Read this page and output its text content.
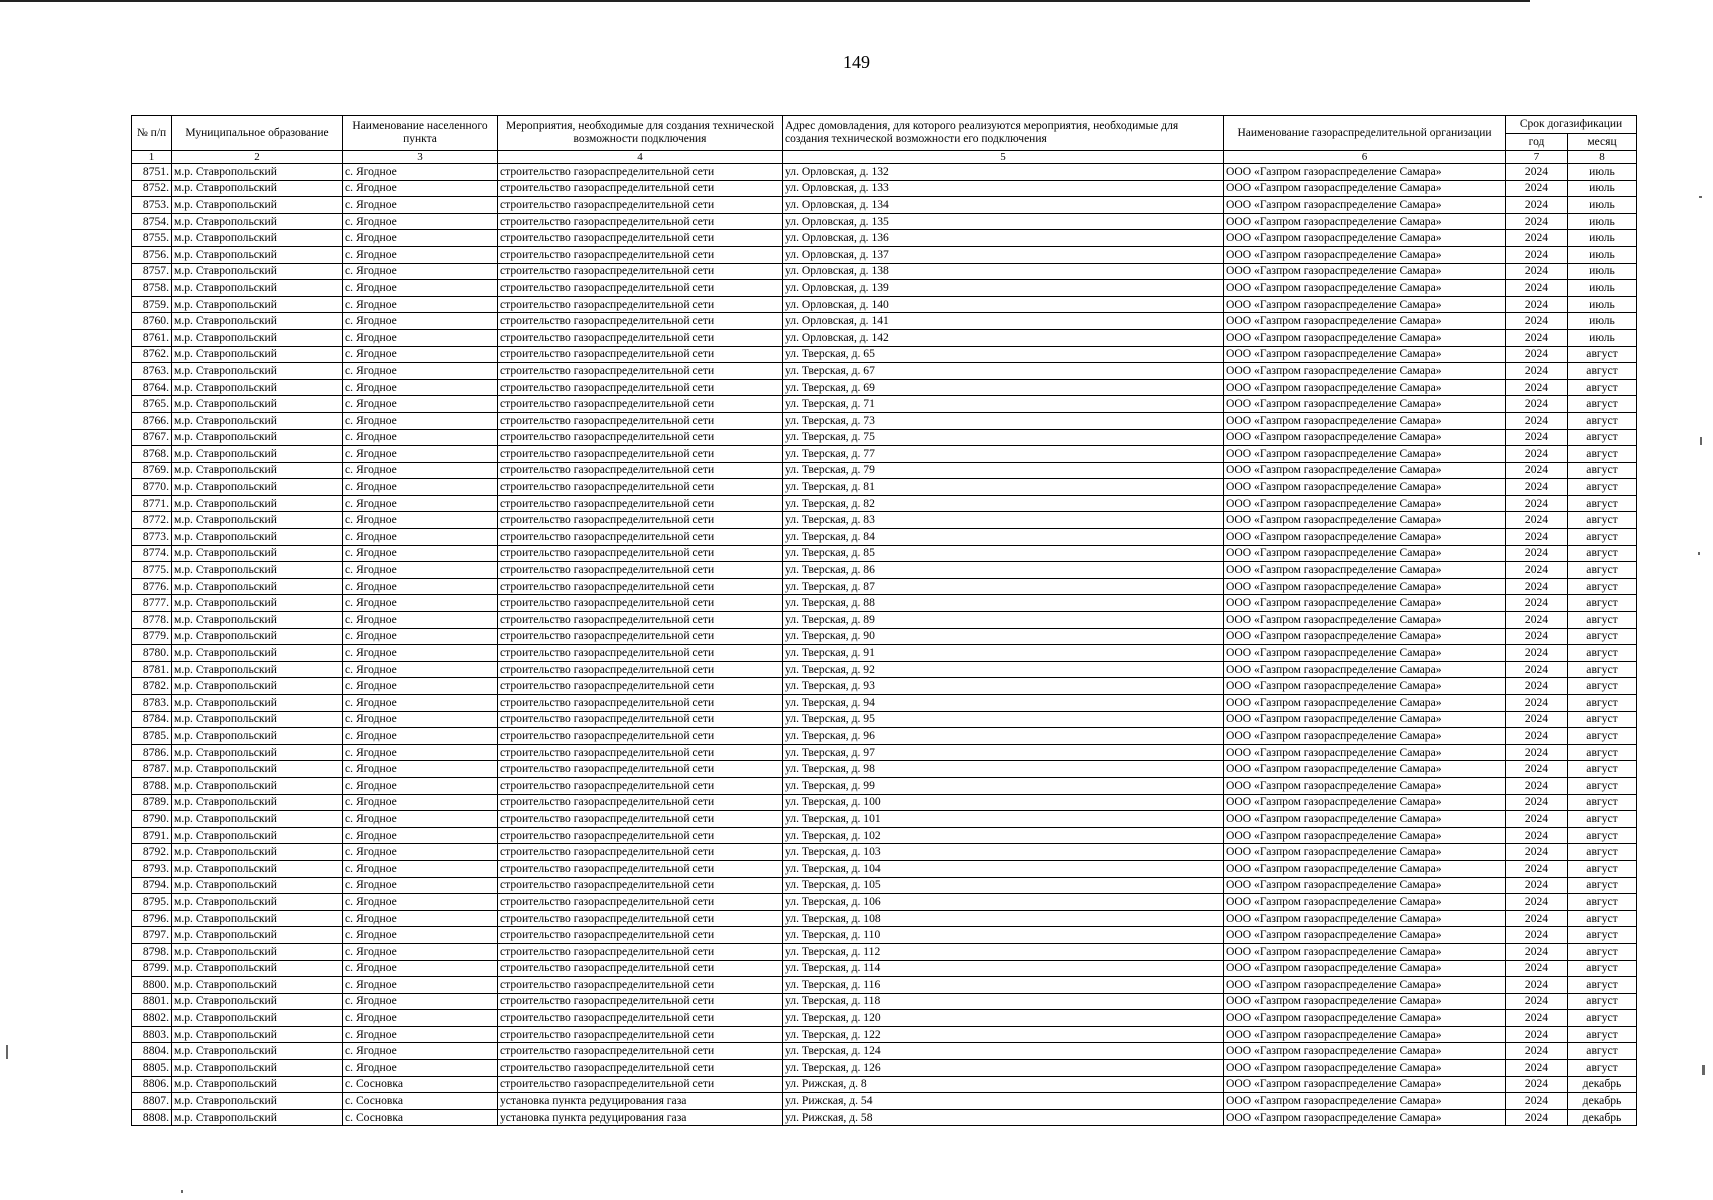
149
№ п/п	Муниципальное образование	Наименование населенного пункта	Мероприятия, необходимые для создания технической возможности подключения	Адрес домовладения, для которого реализуются мероприятия, необходимые для создания технической возможности его подключения	Наименование газораспределительной организации	Срок догазификации	
						год	месяц
1	2	3	4	5	6	7	8
8751.	м.р. Ставропольский	с. Ягодное	строительство газораспределительной сети	ул. Орловская, д. 132	ООО «Газпром газораспределение Самара»	2024	июль
8752.	м.р. Ставропольский	с. Ягодное	строительство газораспределительной сети	ул. Орловская, д. 133	ООО «Газпром газораспределение Самара»	2024	июль
8753.	м.р. Ставропольский	с. Ягодное	строительство газораспределительной сети	ул. Орловская, д. 134	ООО «Газпром газораспределение Самара»	2024	июль
8754.	м.р. Ставропольский	с. Ягодное	строительство газораспределительной сети	ул. Орловская, д. 135	ООО «Газпром газораспределение Самара»	2024	июль
8755.	м.р. Ставропольский	с. Ягодное	строительство газораспределительной сети	ул. Орловская, д. 136	ООО «Газпром газораспределение Самара»	2024	июль
8756.	м.р. Ставропольский	с. Ягодное	строительство газораспределительной сети	ул. Орловская, д. 137	ООО «Газпром газораспределение Самара»	2024	июль
8757.	м.р. Ставропольский	с. Ягодное	строительство газораспределительной сети	ул. Орловская, д. 138	ООО «Газпром газораспределение Самара»	2024	июль
8758.	м.р. Ставропольский	с. Ягодное	строительство газораспределительной сети	ул. Орловская, д. 139	ООО «Газпром газораспределение Самара»	2024	июль
8759.	м.р. Ставропольский	с. Ягодное	строительство газораспределительной сети	ул. Орловская, д. 140	ООО «Газпром газораспределение Самара»	2024	июль
8760.	м.р. Ставропольский	с. Ягодное	строительство газораспределительной сети	ул. Орловская, д. 141	ООО «Газпром газораспределение Самара»	2024	июль
8761.	м.р. Ставропольский	с. Ягодное	строительство газораспределительной сети	ул. Орловская, д. 142	ООО «Газпром газораспределение Самара»	2024	июль
8762.	м.р. Ставропольский	с. Ягодное	строительство газораспределительной сети	ул. Тверская, д. 65	ООО «Газпром газораспределение Самара»	2024	август
8763.	м.р. Ставропольский	с. Ягодное	строительство газораспределительной сети	ул. Тверская, д. 67	ООО «Газпром газораспределение Самара»	2024	август
8764.	м.р. Ставропольский	с. Ягодное	строительство газораспределительной сети	ул. Тверская, д. 69	ООО «Газпром газораспределение Самара»	2024	август
8765.	м.р. Ставропольский	с. Ягодное	строительство газораспределительной сети	ул. Тверская, д. 71	ООО «Газпром газораспределение Самара»	2024	август
8766.	м.р. Ставропольский	с. Ягодное	строительство газораспределительной сети	ул. Тверская, д. 73	ООО «Газпром газораспределение Самара»	2024	август
8767.	м.р. Ставропольский	с. Ягодное	строительство газораспределительной сети	ул. Тверская, д. 75	ООО «Газпром газораспределение Самара»	2024	август
8768.	м.р. Ставропольский	с. Ягодное	строительство газораспределительной сети	ул. Тверская, д. 77	ООО «Газпром газораспределение Самара»	2024	август
8769.	м.р. Ставропольский	с. Ягодное	строительство газораспределительной сети	ул. Тверская, д. 79	ООО «Газпром газораспределение Самара»	2024	август
8770.	м.р. Ставропольский	с. Ягодное	строительство газораспределительной сети	ул. Тверская, д. 81	ООО «Газпром газораспределение Самара»	2024	август
8771.	м.р. Ставропольский	с. Ягодное	строительство газораспределительной сети	ул. Тверская, д. 82	ООО «Газпром газораспределение Самара»	2024	август
8772.	м.р. Ставропольский	с. Ягодное	строительство газораспределительной сети	ул. Тверская, д. 83	ООО «Газпром газораспределение Самара»	2024	август
8773.	м.р. Ставропольский	с. Ягодное	строительство газораспределительной сети	ул. Тверская, д. 84	ООО «Газпром газораспределение Самара»	2024	август
8774.	м.р. Ставропольский	с. Ягодное	строительство газораспределительной сети	ул. Тверская, д. 85	ООО «Газпром газораспределение Самара»	2024	август
8775.	м.р. Ставропольский	с. Ягодное	строительство газораспределительной сети	ул. Тверская, д. 86	ООО «Газпром газораспределение Самара»	2024	август
8776.	м.р. Ставропольский	с. Ягодное	строительство газораспределительной сети	ул. Тверская, д. 87	ООО «Газпром газораспределение Самара»	2024	август
8777.	м.р. Ставропольский	с. Ягодное	строительство газораспределительной сети	ул. Тверская, д. 88	ООО «Газпром газораспределение Самара»	2024	август
8778.	м.р. Ставропольский	с. Ягодное	строительство газораспределительной сети	ул. Тверская, д. 89	ООО «Газпром газораспределение Самара»	2024	август
8779.	м.р. Ставропольский	с. Ягодное	строительство газораспределительной сети	ул. Тверская, д. 90	ООО «Газпром газораспределение Самара»	2024	август
8780.	м.р. Ставропольский	с. Ягодное	строительство газораспределительной сети	ул. Тверская, д. 91	ООО «Газпром газораспределение Самара»	2024	август
8781.	м.р. Ставропольский	с. Ягодное	строительство газораспределительной сети	ул. Тверская, д. 92	ООО «Газпром газораспределение Самара»	2024	август
8782.	м.р. Ставропольский	с. Ягодное	строительство газораспределительной сети	ул. Тверская, д. 93	ООО «Газпром газораспределение Самара»	2024	август
8783.	м.р. Ставропольский	с. Ягодное	строительство газораспределительной сети	ул. Тверская, д. 94	ООО «Газпром газораспределение Самара»	2024	август
8784.	м.р. Ставропольский	с. Ягодное	строительство газораспределительной сети	ул. Тверская, д. 95	ООО «Газпром газораспределение Самара»	2024	август
8785.	м.р. Ставропольский	с. Ягодное	строительство газораспределительной сети	ул. Тверская, д. 96	ООО «Газпром газораспределение Самара»	2024	август
8786.	м.р. Ставропольский	с. Ягодное	строительство газораспределительной сети	ул. Тверская, д. 97	ООО «Газпром газораспределение Самара»	2024	август
8787.	м.р. Ставропольский	с. Ягодное	строительство газораспределительной сети	ул. Тверская, д. 98	ООО «Газпром газораспределение Самара»	2024	август
8788.	м.р. Ставропольский	с. Ягодное	строительство газораспределительной сети	ул. Тверская, д. 99	ООО «Газпром газораспределение Самара»	2024	август
8789.	м.р. Ставропольский	с. Ягодное	строительство газораспределительной сети	ул. Тверская, д. 100	ООО «Газпром газораспределение Самара»	2024	август
8790.	м.р. Ставропольский	с. Ягодное	строительство газораспределительной сети	ул. Тверская, д. 101	ООО «Газпром газораспределение Самара»	2024	август
8791.	м.р. Ставропольский	с. Ягодное	строительство газораспределительной сети	ул. Тверская, д. 102	ООО «Газпром газораспределение Самара»	2024	август
8792.	м.р. Ставропольский	с. Ягодное	строительство газораспределительной сети	ул. Тверская, д. 103	ООО «Газпром газораспределение Самара»	2024	август
8793.	м.р. Ставропольский	с. Ягодное	строительство газораспределительной сети	ул. Тверская, д. 104	ООО «Газпром газораспределение Самара»	2024	август
8794.	м.р. Ставропольский	с. Ягодное	строительство газораспределительной сети	ул. Тверская, д. 105	ООО «Газпром газораспределение Самара»	2024	август
8795.	м.р. Ставропольский	с. Ягодное	строительство газораспределительной сети	ул. Тверская, д. 106	ООО «Газпром газораспределение Самара»	2024	август
8796.	м.р. Ставропольский	с. Ягодное	строительство газораспределительной сети	ул. Тверская, д. 108	ООО «Газпром газораспределение Самара»	2024	август
8797.	м.р. Ставропольский	с. Ягодное	строительство газораспределительной сети	ул. Тверская, д. 110	ООО «Газпром газораспределение Самара»	2024	август
8798.	м.р. Ставропольский	с. Ягодное	строительство газораспределительной сети	ул. Тверская, д. 112	ООО «Газпром газораспределение Самара»	2024	август
8799.	м.р. Ставропольский	с. Ягодное	строительство газораспределительной сети	ул. Тверская, д. 114	ООО «Газпром газораспределение Самара»	2024	август
8800.	м.р. Ставропольский	с. Ягодное	строительство газораспределительной сети	ул. Тверская, д. 116	ООО «Газпром газораспределение Самара»	2024	август
8801.	м.р. Ставропольский	с. Ягодное	строительство газораспределительной сети	ул. Тверская, д. 118	ООО «Газпром газораспределение Самара»	2024	август
8802.	м.р. Ставропольский	с. Ягодное	строительство газораспределительной сети	ул. Тверская, д. 120	ООО «Газпром газораспределение Самара»	2024	август
8803.	м.р. Ставропольский	с. Ягодное	строительство газораспределительной сети	ул. Тверская, д. 122	ООО «Газпром газораспределение Самара»	2024	август
8804.	м.р. Ставропольский	с. Ягодное	строительство газораспределительной сети	ул. Тверская, д. 124	ООО «Газпром газораспределение Самара»	2024	август
8805.	м.р. Ставропольский	с. Ягодное	строительство газораспределительной сети	ул. Тверская, д. 126	ООО «Газпром газораспределение Самара»	2024	август
8806.	м.р. Ставропольский	с. Сосновка	строительство газораспределительной сети	ул. Рижская, д. 8	ООО «Газпром газораспределение Самара»	2024	декабрь
8807.	м.р. Ставропольский	с. Сосновка	установка пункта редуцирования газа	ул. Рижская, д. 54	ООО «Газпром газораспределение Самара»	2024	декабрь
8808.	м.р. Ставропольский	с. Сосновка	установка пункта редуцирования газа	ул. Рижская, д. 58	ООО «Газпром газораспределение Самара»	2024	декабрь
